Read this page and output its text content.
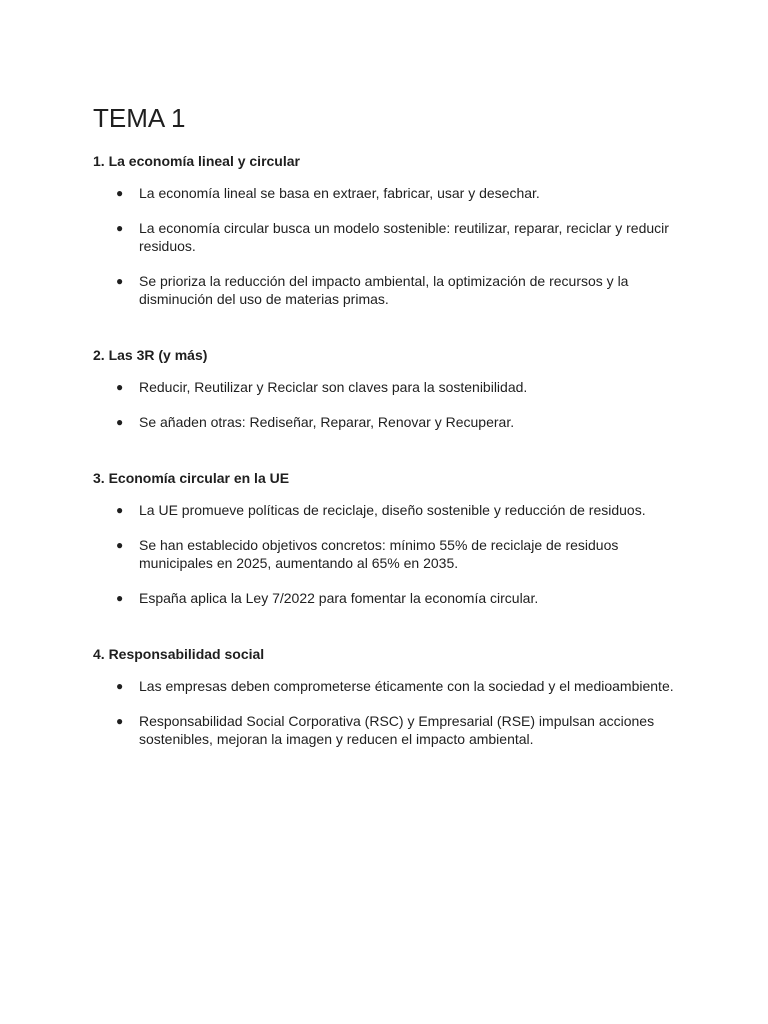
TEMA 1
1. La economía lineal y circular
● La economía lineal se basa en extraer, fabricar, usar y desechar.
● La economía circular busca un modelo sostenible: reutilizar, reparar, reciclar y reducir residuos.
● Se prioriza la reducción del impacto ambiental, la optimización de recursos y la disminución del uso de materias primas.
2. Las 3R (y más)
● Reducir, Reutilizar y Reciclar son claves para la sostenibilidad.
● Se añaden otras: Rediseñar, Reparar, Renovar y Recuperar.
3. Economía circular en la UE
● La UE promueve políticas de reciclaje, diseño sostenible y reducción de residuos.
● Se han establecido objetivos concretos: mínimo 55% de reciclaje de residuos municipales en 2025, aumentando al 65% en 2035.
● España aplica la Ley 7/2022 para fomentar la economía circular.
4. Responsabilidad social
● Las empresas deben comprometerse éticamente con la sociedad y el medioambiente.
● Responsabilidad Social Corporativa (RSC) y Empresarial (RSE) impulsan acciones sostenibles, mejoran la imagen y reducen el impacto ambiental.
